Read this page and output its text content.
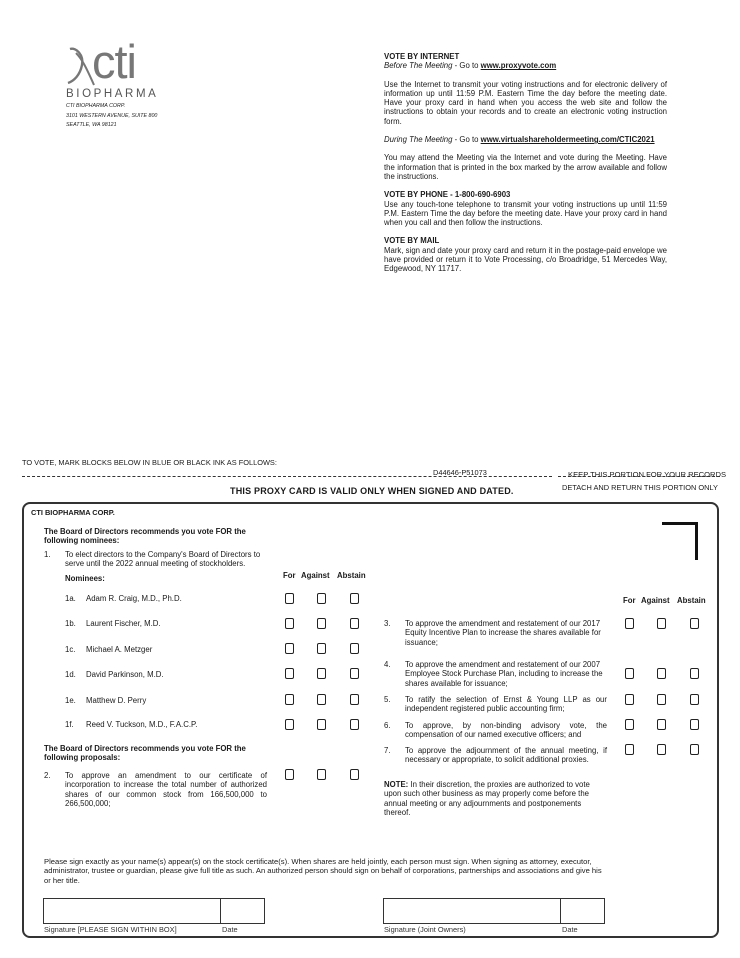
cti
BIOPHARMA
CTI BIOPHARMA CORP.
3101 WESTERN AVENUE, SUITE 800
SEATTLE, WA 98121
VOTE BY INTERNET
Before The Meeting - Go to www.proxyvote.com
Use the Internet to transmit your voting instructions and for electronic delivery of information up until 11:59 P.M. Eastern Time the day before the meeting date. Have your proxy card in hand when you access the web site and follow the instructions to obtain your records and to create an electronic voting instruction form.
During The Meeting - Go to www.virtualshareholdermeeting.com/CTIC2021
You may attend the Meeting via the Internet and vote during the Meeting. Have the information that is printed in the box marked by the arrow available and follow the instructions.
VOTE BY PHONE - 1-800-690-6903
Use any touch-tone telephone to transmit your voting instructions up until 11:59 P.M. Eastern Time the day before the meeting date. Have your proxy card in hand when you call and then follow the instructions.
VOTE BY MAIL
Mark, sign and date your proxy card and return it in the postage-paid envelope we have provided or return it to Vote Processing, c/o Broadridge, 51 Mercedes Way, Edgewood, NY 11717.
TO VOTE, MARK BLOCKS BELOW IN BLUE OR BLACK INK AS FOLLOWS:
D44646-P51073	KEEP THIS PORTION FOR YOUR RECORDS
THIS PROXY CARD IS VALID ONLY WHEN SIGNED AND DATED.	DETACH AND RETURN THIS PORTION ONLY
CTI BIOPHARMA CORP.
The Board of Directors recommends you vote FOR the following nominees:
1. To elect directors to the Company's Board of Directors to serve until the 2022 annual meeting of stockholders.
Nominees:	For Against Abstain
1a. Adam R. Craig, M.D., Ph.D.
1b. Laurent Fischer, M.D.
1c. Michael A. Metzger
1d. David Parkinson, M.D.
1e. Matthew D. Perry
1f. Reed V. Tuckson, M.D., F.A.C.P.
The Board of Directors recommends you vote FOR the following proposals:
2. To approve an amendment to our certificate of incorporation to increase the total number of authorized shares of our common stock from 166,500,000 to 266,500,000;
For Against Abstain
3. To approve the amendment and restatement of our 2017 Equity Incentive Plan to increase the shares available for issuance;
4. To approve the amendment and restatement of our 2007 Employee Stock Purchase Plan, including to increase the shares available for issuance;
5. To ratify the selection of Ernst & Young LLP as our independent registered public accounting firm;
6. To approve, by non-binding advisory vote, the compensation of our named executive officers; and
7. To approve the adjournment of the annual meeting, if necessary or appropriate, to solicit additional proxies.
NOTE: In their discretion, the proxies are authorized to vote upon such other business as may properly come before the annual meeting or any adjournments and postponements thereof.
Please sign exactly as your name(s) appear(s) on the stock certificate(s). When shares are held jointly, each person must sign. When signing as attorney, executor, administrator, trustee or guardian, please give full title as such. An authorized person should sign on behalf of corporations, partnerships and associations and give his or her title.
Signature [PLEASE SIGN WITHIN BOX]	Date	Signature (Joint Owners)	Date
